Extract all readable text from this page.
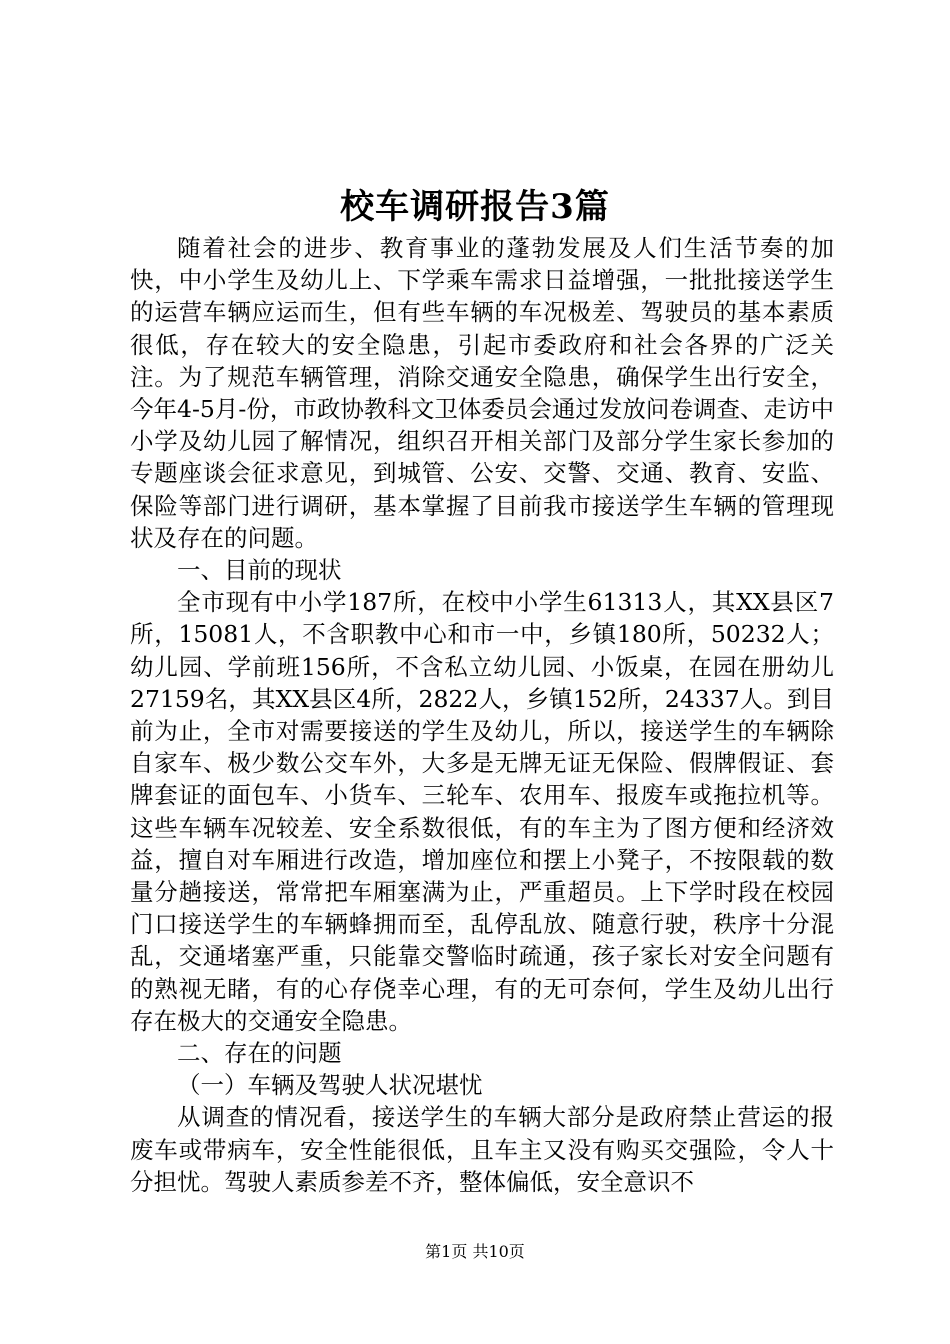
校车调研报告3篇

随着社会的进步、教育事业的蓬勃发展及人们生活节奏的加快，中小学生及幼儿上、下学乘车需求日益增强，一批批接送学生的运营车辆应运而生，但有些车辆的车况极差、驾驶员的基本素质很低，存在较大的安全隐患，引起市委政府和社会各界的广泛关注。为了规范车辆管理，消除交通安全隐患，确保学生出行安全，今年4-5月-份，市政协教科文卫体委员会通过发放问卷调查、走访中小学及幼儿园了解情况，组织召开相关部门及部分学生家长参加的专题座谈会征求意见，到城管、公安、交警、交通、教育、安监、保险等部门进行调研，基本掌握了目前我市接送学生车辆的管理现状及存在的问题。

一、目前的现状

全市现有中小学187所，在校中小学生61313人，其XX县区7所，15081人，不含职教中心和市一中，乡镇180所，50232人；幼儿园、学前班156所，不含私立幼儿园、小饭桌，在园在册幼儿27159名，其XX县区4所，2822人，乡镇152所，24337人。到目前为止，全市对需要接送的学生及幼儿，所以，接送学生的车辆除自家车、极少数公交车外，大多是无牌无证无保险、假牌假证、套牌套证的面包车、小货车、三轮车、农用车、报废车或拖拉机等。这些车辆车况较差、安全系数很低，有的车主为了图方便和经济效益，擅自对车厢进行改造，增加座位和摆上小凳子，不按限载的数量分趟接送，常常把车厢塞满为止，严重超员。上下学时段在校园门口接送学生的车辆蜂拥而至，乱停乱放、随意行驶，秩序十分混乱，交通堵塞严重，只能靠交警临时疏通，孩子家长对安全问题有的熟视无睹，有的心存侥幸心理，有的无可奈何，学生及幼儿出行存在极大的交通安全隐患。

二、存在的问题

（一）车辆及驾驶人状况堪忧

从调查的情况看，接送学生的车辆大部分是政府禁止营运的报废车或带病车，安全性能很低，且车主又没有购买交强险，令人十分担忧。驾驶人素质参差不齐，整体偏低，安全意识不

第1页 共10页
